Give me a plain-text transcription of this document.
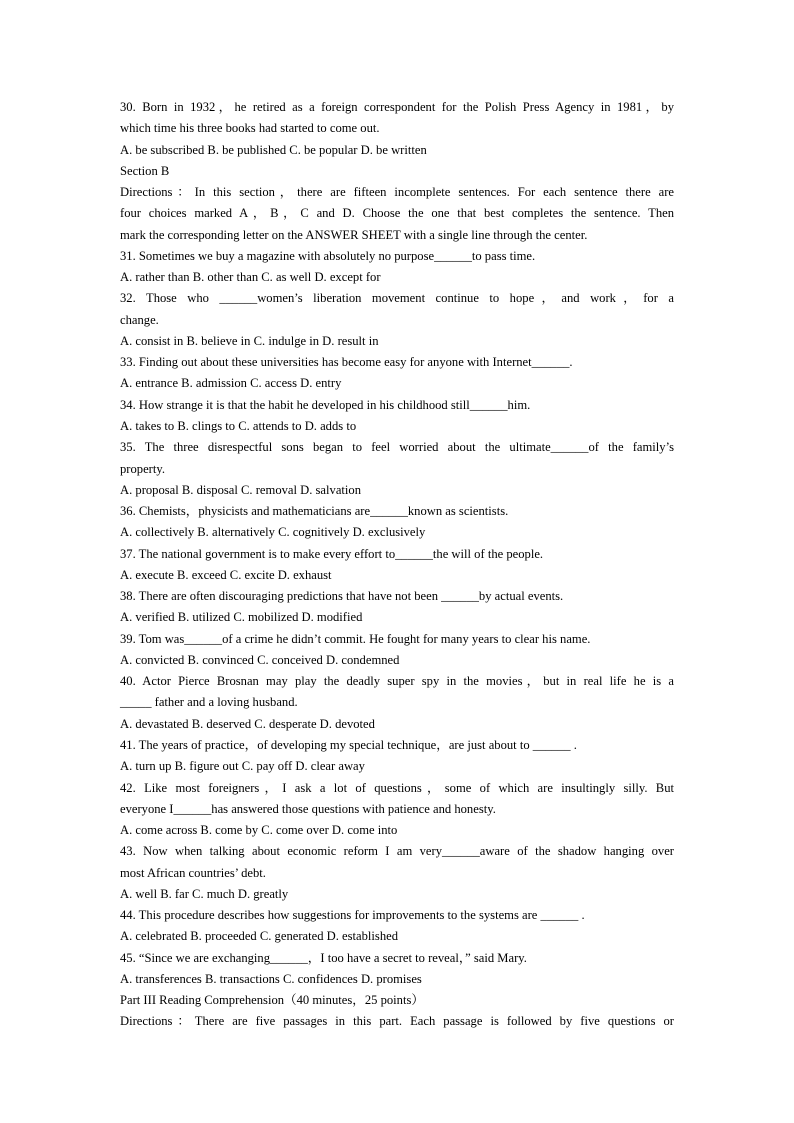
30. Born in 1932，he retired as a foreign correspondent for the Polish Press Agency in 1981，by
which time his three books had started to come out.
A. be subscribed B. be published C. be popular D. be written
Section B
Directions：In this section，there are fifteen incomplete sentences. For each sentence there are
four choices marked A，B，C and D. Choose the one that best completes the sentence. Then
mark the corresponding letter on the ANSWER SHEET with a single line through the center.
31. Sometimes we buy a magazine with absolutely no purpose______to pass time.
A. rather than B. other than C. as well D. except for
32. Those who ______women’s liberation movement continue to hope，and work，for a
change.
A. consist in B. believe in C. indulge in D. result in
33. Finding out about these universities has become easy for anyone with Internet______.
A. entrance B. admission C. access D. entry
34. How strange it is that the habit he developed in his childhood still______him.
A. takes to B. clings to C. attends to D. adds to
35. The three disrespectful sons began to feel worried about the ultimate______of the family’s
property.
A. proposal B. disposal C. removal D. salvation
36. Chemists，physicists and mathematicians are______known as scientists.
A. collectively B. alternatively C. cognitively D. exclusively
37. The national government is to make every effort to______the will of the people.
A. execute B. exceed C. excite D. exhaust
38. There are often discouraging predictions that have not been ______by actual events.
A. verified B. utilized C. mobilized D. modified
39. Tom was______of a crime he didn’t commit. He fought for many years to clear his name.
A. convicted B. convinced C. conceived D. condemned
40. Actor Pierce Brosnan may play the deadly super spy in the movies，but in real life he is a
_____ father and a loving husband.
A. devastated B. deserved C. desperate D. devoted
41. The years of practice，of developing my special technique，are just about to ______ .
A. turn up B. figure out C. pay off D. clear away
42. Like most foreigners，I ask a lot of questions，some of which are insultingly silly. But
everyone I______has answered those questions with patience and honesty.
A. come across B. come by C. come over D. come into
43. Now when talking about economic reform I am very______aware of the shadow hanging over
most African countries’ debt.
A. well B. far C. much D. greatly
44. This procedure describes how suggestions for improvements to the systems are ______ .
A. celebrated B. proceeded C. generated D. established
45. “Since we are exchanging______，I too have a secret to reveal，” said Mary.
A. transferences B. transactions C. confidences D. promises
Part III Reading Comprehension（40 minutes，25 points）
Directions：There are five passages in this part. Each passage is followed by five questions or
